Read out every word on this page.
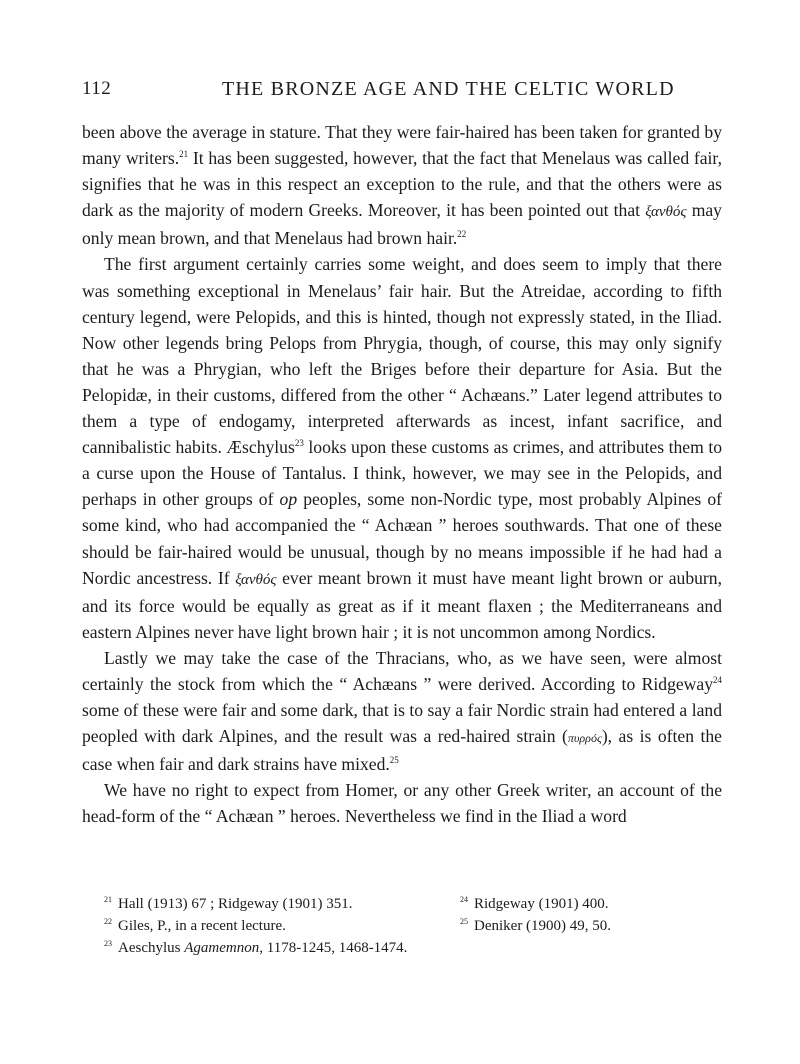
112	THE BRONZE AGE AND THE CELTIC WORLD

been above the average in stature. That they were fair-haired has been taken for granted by many writers.$^{21}$ It has been suggested, however, that the fact that Menelaus was called fair, signifies that he was in this respect an exception to the rule, and that the others were as dark as the majority of modern Greeks. Moreover, it has been pointed out that ξανθός may only mean brown, and that Menelaus had brown hair.$^{22}$

The first argument certainly carries some weight, and does seem to imply that there was something exceptional in Menelaus’ fair hair. But the Atreidae, according to fifth century legend, were Pelopids, and this is hinted, though not expressly stated, in the Iliad. Now other legends bring Pelops from Phrygia, though, of course, this may only signify that he was a Phrygian, who left the Briges before their departure for Asia. But the Pelopidæ, in their customs, differed from the other “ Achæans.” Later legend attributes to them a type of endogamy, interpreted afterwards as incest, infant sacrifice, and cannibalistic habits. Æschylus$^{23}$ looks upon these customs as crimes, and attributes them to a curse upon the House of Tantalus. I think, however, we may see in the Pelopids, and perhaps in other groups of op peoples, some non-Nordic type, most probably Alpines of some kind, who had accompanied the “ Achæan ” heroes southwards. That one of these should be fair-haired would be unusual, though by no means impossible if he had had a Nordic ancestress. If ξανθός ever meant brown it must have meant light brown or auburn, and its force would be equally as great as if it meant flaxen ; the Mediterraneans and eastern Alpines never have light brown hair ; it is not uncommon among Nordics.

Lastly we may take the case of the Thracians, who, as we have seen, were almost certainly the stock from which the “ Achæans ” were derived. According to Ridgeway$^{24}$ some of these were fair and some dark, that is to say a fair Nordic strain had entered a land peopled with dark Alpines, and the result was a red-haired strain (πυρρός), as is often the case when fair and dark strains have mixed.$^{25}$

We have no right to expect from Homer, or any other Greek writer, an account of the head-form of the “ Achæan ” heroes. Nevertheless we find in the Iliad a word

$^{21}$ Hall (1913) 67 ; Ridgeway (1901) 351.	$^{24}$ Ridgeway (1901) 400.
$^{22}$ Giles, P., in a recent lecture.	$^{25}$ Deniker (1900) 49, 50.
$^{23}$ Aeschylus Agamemnon, 1178-1245, 1468-1474.
